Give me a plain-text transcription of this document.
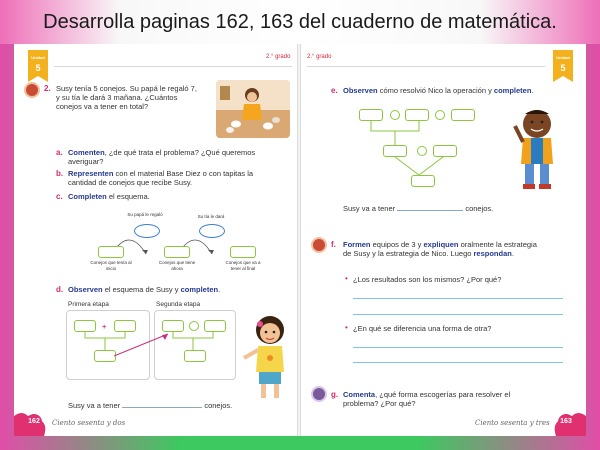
Desarrolla paginas 162, 163 del cuaderno de matemática.
Unidad
5
2.° grado
2. Susy tenía 5 conejos. Su papá le regaló 7,
y su tía le dará 3 mañana. ¿Cuántos
conejos va a tener en total?
a. Comenten, ¿de qué trata el problema? ¿Qué queremos
averiguar?
b. Representen con el material Base Diez o con tapitas la
cantidad de conejos que recibe Susy.
c. Completen el esquema.
Su papá le regaló	Su tía le dará
Conejos que tenía al inicio
Conejos que tiene ahora
Conejos que va a tener al final
d. Observen el esquema de Susy y completen.
Primera etapa	Segunda etapa
+
Susy va a tener	conejos.
162	Ciento sesenta y dos
2.° grado	Unidad
5
e. Observen cómo resolvió Nico la operación y completen.
Susy va a tener	conejos.
f. Formen equipos de 3 y expliquen oralmente la estrategia
de Susy y la estrategia de Nico. Luego respondan.
• ¿Los resultados son los mismos? ¿Por qué?
• ¿En qué se diferencia una forma de otra?
g. Comenta, ¿qué forma escogerías para resolver el
problema? ¿Por qué?
Ciento sesenta y tres	163
